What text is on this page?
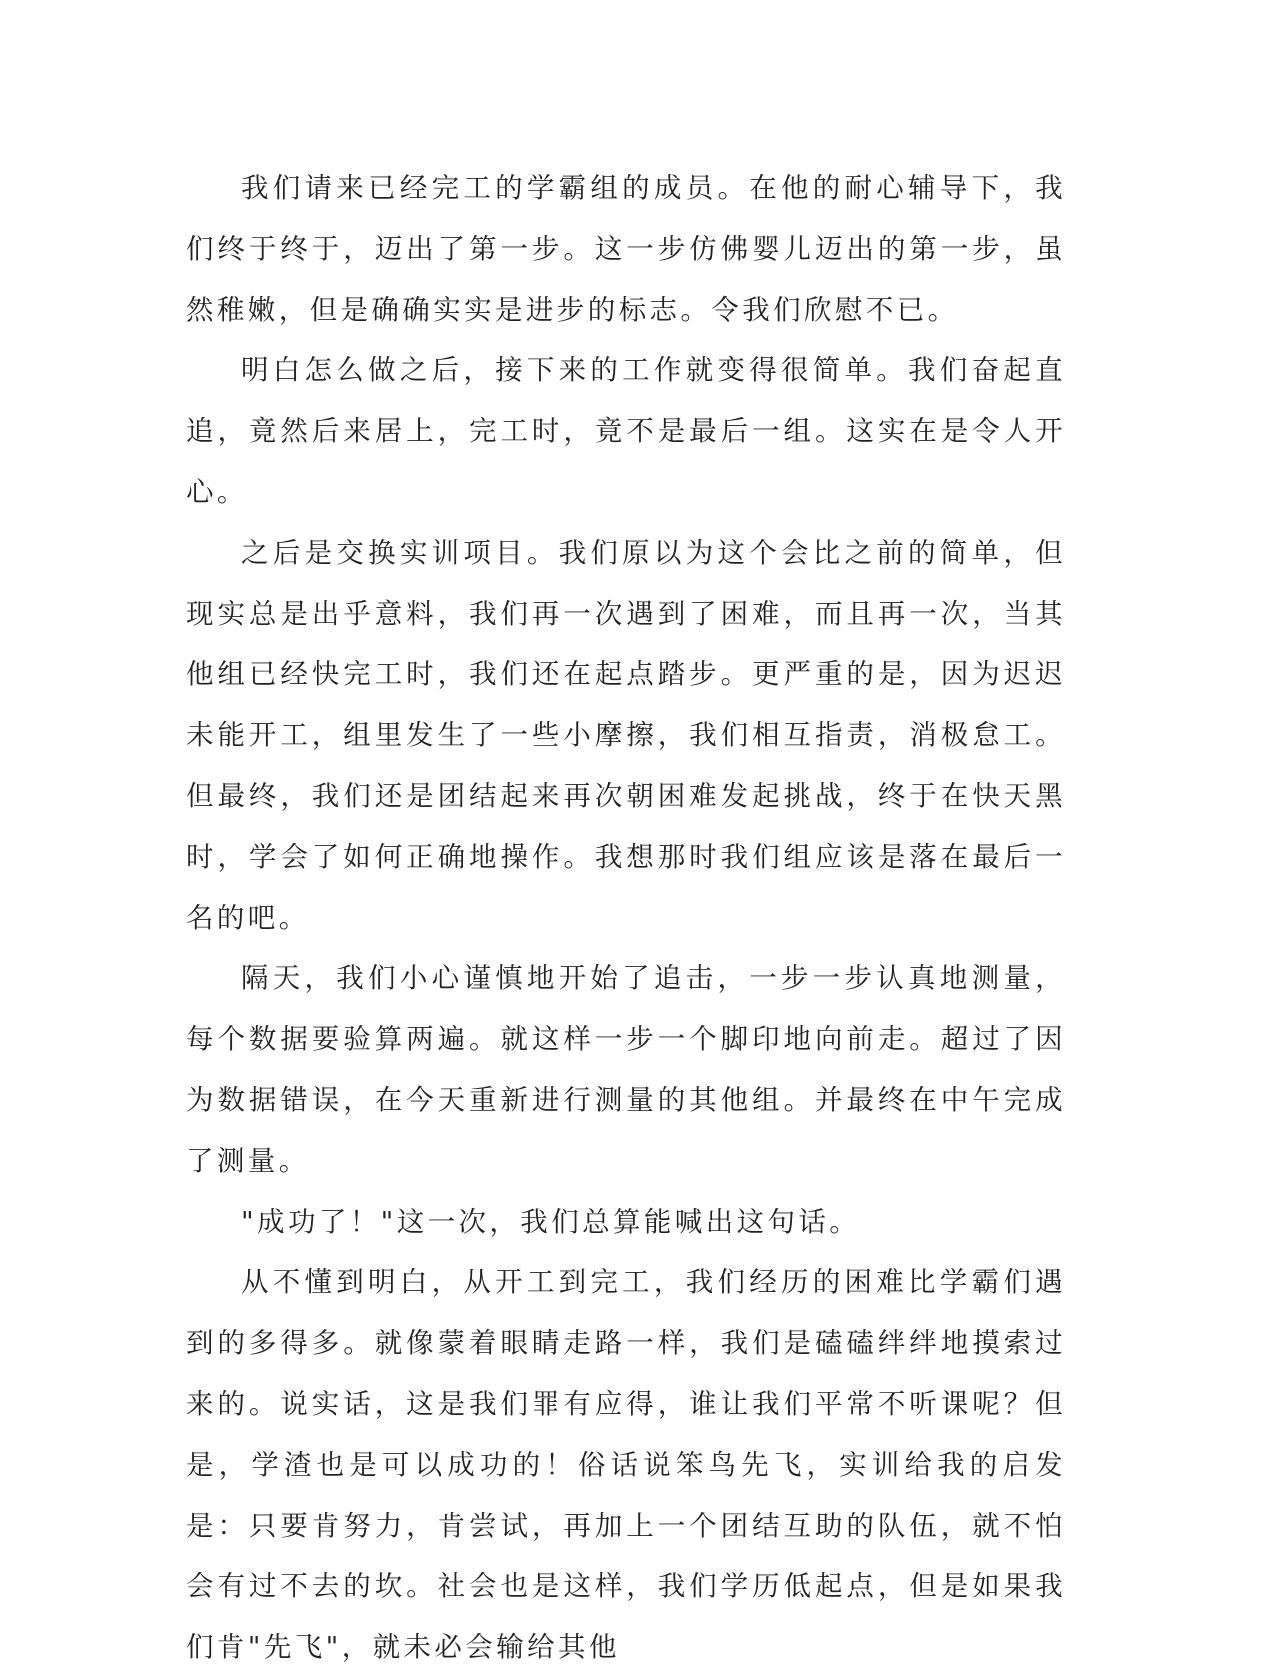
我们请来已经完工的学霸组的成员。在他的耐心辅导下，我们终于终于，迈出了第一步。这一步仿佛婴儿迈出的第一步，虽然稚嫩，但是确确实实是进步的标志。令我们欣慰不已。

明白怎么做之后，接下来的工作就变得很简单。我们奋起直追，竟然后来居上，完工时，竟不是最后一组。这实在是令人开心。

之后是交换实训项目。我们原以为这个会比之前的简单，但现实总是出乎意料，我们再一次遇到了困难，而且再一次，当其他组已经快完工时，我们还在起点踏步。更严重的是，因为迟迟未能开工，组里发生了一些小摩擦，我们相互指责，消极怠工。但最终，我们还是团结起来再次朝困难发起挑战，终于在快天黑时，学会了如何正确地操作。我想那时我们组应该是落在最后一名的吧。

隔天，我们小心谨慎地开始了追击，一步一步认真地测量，每个数据要验算两遍。就这样一步一个脚印地向前走。超过了因为数据错误，在今天重新进行测量的其他组。并最终在中午完成了测量。

"成功了！"这一次，我们总算能喊出这句话。

从不懂到明白，从开工到完工，我们经历的困难比学霸们遇到的多得多。就像蒙着眼睛走路一样，我们是磕磕绊绊地摸索过来的。说实话，这是我们罪有应得，谁让我们平常不听课呢？但是，学渣也是可以成功的！俗话说笨鸟先飞，实训给我的启发是：只要肯努力，肯尝试，再加上一个团结互助的队伍，就不怕会有过不去的坎。社会也是这样，我们学历低起点，但是如果我们肯"先飞"，就未必会输给其他
